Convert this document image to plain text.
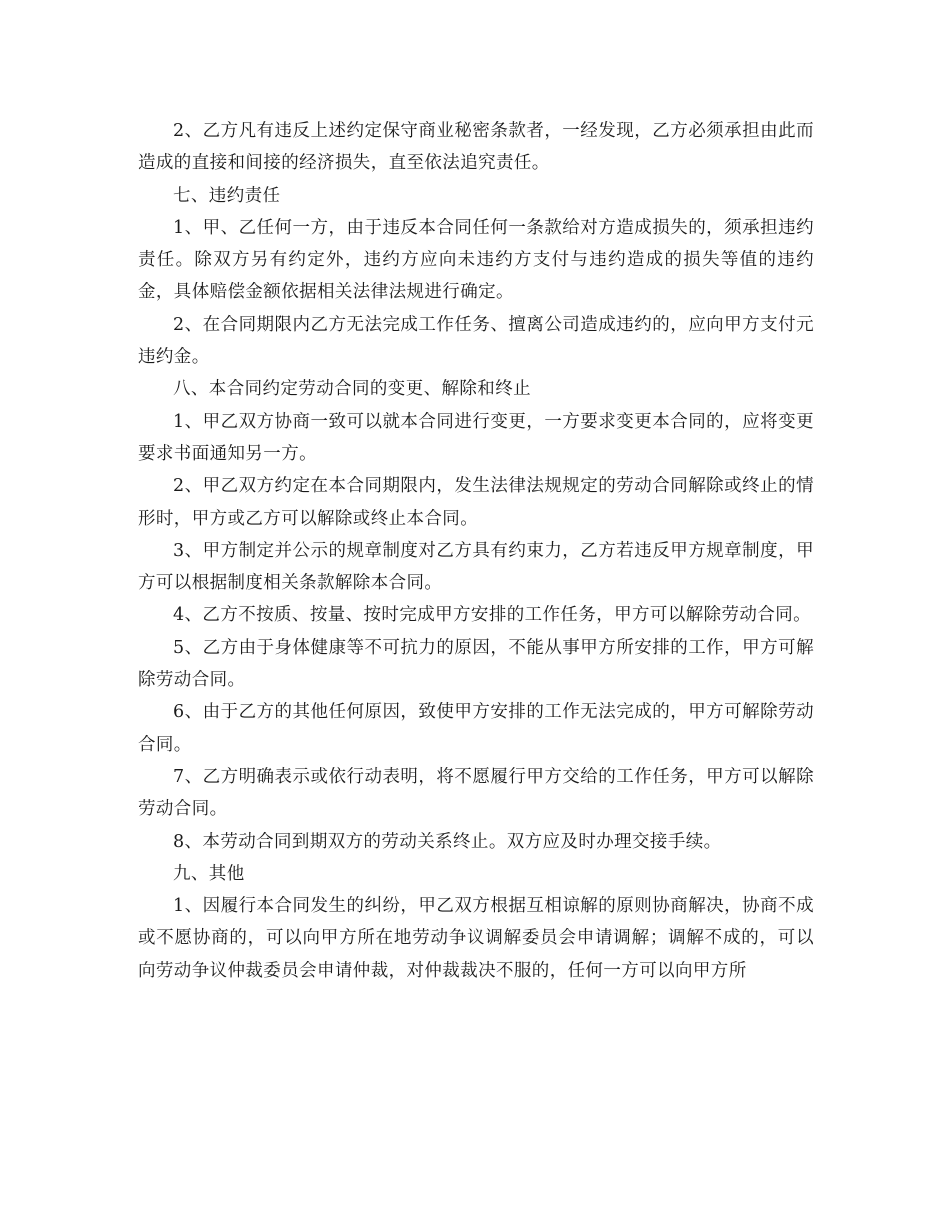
2、乙方凡有违反上述约定保守商业秘密条款者，一经发现，乙方必须承担由此而造成的直接和间接的经济损失，直至依法追究责任。

七、违约责任

1、甲、乙任何一方，由于违反本合同任何一条款给对方造成损失的，须承担违约责任。除双方另有约定外，违约方应向未违约方支付与违约造成的损失等值的违约金，具体赔偿金额依据相关法律法规进行确定。

2、在合同期限内乙方无法完成工作任务、擅离公司造成违约的，应向甲方支付元违约金。

八、本合同约定劳动合同的变更、解除和终止

1、甲乙双方协商一致可以就本合同进行变更，一方要求变更本合同的，应将变更要求书面通知另一方。

2、甲乙双方约定在本合同期限内，发生法律法规规定的劳动合同解除或终止的情形时，甲方或乙方可以解除或终止本合同。

3、甲方制定并公示的规章制度对乙方具有约束力，乙方若违反甲方规章制度，甲方可以根据制度相关条款解除本合同。

4、乙方不按质、按量、按时完成甲方安排的工作任务，甲方可以解除劳动合同。

5、乙方由于身体健康等不可抗力的原因，不能从事甲方所安排的工作，甲方可解除劳动合同。

6、由于乙方的其他任何原因，致使甲方安排的工作无法完成的，甲方可解除劳动合同。

7、乙方明确表示或依行动表明，将不愿履行甲方交给的工作任务，甲方可以解除劳动合同。

8、本劳动合同到期双方的劳动关系终止。双方应及时办理交接手续。

九、其他

1、因履行本合同发生的纠纷，甲乙双方根据互相谅解的原则协商解决，协商不成或不愿协商的，可以向甲方所在地劳动争议调解委员会申请调解；调解不成的，可以向劳动争议仲裁委员会申请仲裁，对仲裁裁决不服的，任何一方可以向甲方所
